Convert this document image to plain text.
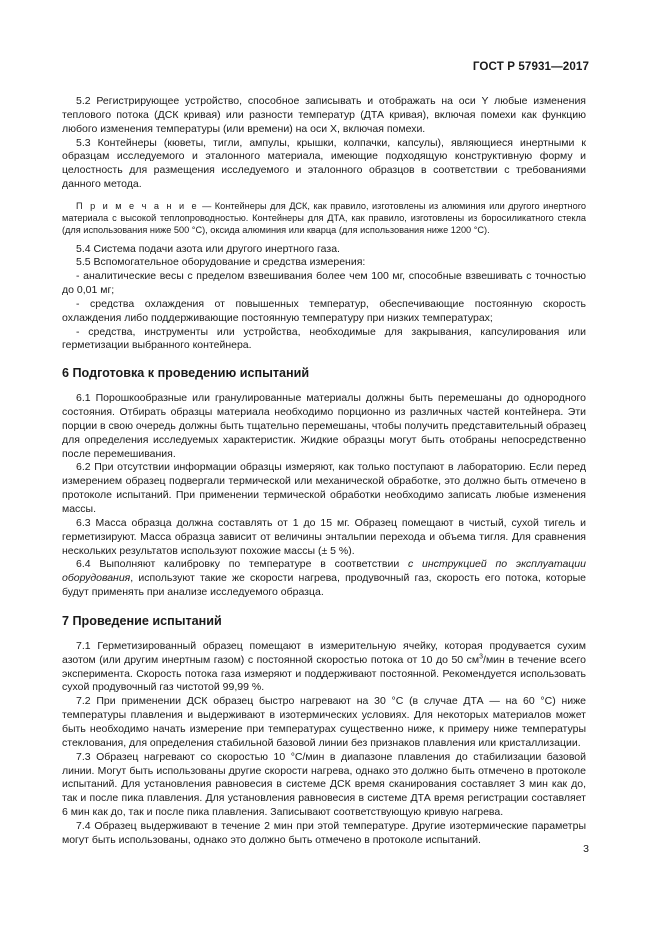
ГОСТ Р 57931—2017

5.2 Регистрирующее устройство, способное записывать и отображать на оси Y любые изменения теплового потока (ДСК кривая) или разности температур (ДТА кривая), включая помехи как функцию любого изменения температуры (или времени) на оси X, включая помехи.

5.3 Контейнеры (кюветы, тигли, ампулы, крышки, колпачки, капсулы), являющиеся инертными к образцам исследуемого и эталонного материала, имеющие подходящую конструктивную форму и целостность для размещения исследуемого и эталонного образцов в соответствии с требованиями данного метода.

П р и м е ч а н и е — Контейнеры для ДСК, как правило, изготовлены из алюминия или другого инертного материала с высокой теплопроводностью. Контейнеры для ДТА, как правило, изготовлены из боросиликатного стекла (для использования ниже 500 °С), оксида алюминия или кварца (для использования ниже 1200 °С).

5.4 Система подачи азота или другого инертного газа.

5.5 Вспомогательное оборудование и средства измерения:

- аналитические весы с пределом взвешивания более чем 100 мг, способные взвешивать с точностью до 0,01 мг;

- средства охлаждения от повышенных температур, обеспечивающие постоянную скорость охлаждения либо поддерживающие постоянную температуру при низких температурах;

- средства, инструменты или устройства, необходимые для закрывания, капсулирования или герметизации выбранного контейнера.

6 Подготовка к проведению испытаний

6.1 Порошкообразные или гранулированные материалы должны быть перемешаны до однородного состояния. Отбирать образцы материала необходимо порционно из различных частей контейнера. Эти порции в свою очередь должны быть тщательно перемешаны, чтобы получить представительный образец для определения исследуемых характеристик. Жидкие образцы могут быть отобраны непосредственно после перемешивания.

6.2 При отсутствии информации образцы измеряют, как только поступают в лабораторию. Если перед измерением образец подвергали термической или механической обработке, это должно быть отмечено в протоколе испытаний. При применении термической обработки необходимо записать любые изменения массы.

6.3 Масса образца должна составлять от 1 до 15 мг. Образец помещают в чистый, сухой тигель и герметизируют. Масса образца зависит от величины энтальпии перехода и объема тигля. Для сравнения нескольких результатов используют похожие массы (± 5 %).

6.4 Выполняют калибровку по температуре в соответствии с инструкцией по эксплуатации оборудования, используют такие же скорости нагрева, продувочный газ, скорость его потока, которые будут применять при анализе исследуемого образца.

7 Проведение испытаний

7.1 Герметизированный образец помещают в измерительную ячейку, которая продувается сухим азотом (или другим инертным газом) с постоянной скоростью потока от 10 до 50 $см^3$/мин в течение всего эксперимента. Скорость потока газа измеряют и поддерживают постоянной. Рекомендуется использовать сухой продувочный газ чистотой 99,99 %.

7.2 При применении ДСК образец быстро нагревают на 30 °С (в случае ДТА — на 60 °С) ниже температуры плавления и выдерживают в изотермических условиях. Для некоторых материалов может быть необходимо начать измерение при температурах существенно ниже, к примеру ниже температуры стеклования, для определения стабильной базовой линии без признаков плавления или кристаллизации.

7.3 Образец нагревают со скоростью 10 °С/мин в диапазоне плавления до стабилизации базовой линии. Могут быть использованы другие скорости нагрева, однако это должно быть отмечено в протоколе испытаний. Для установления равновесия в системе ДСК время сканирования составляет 3 мин как до, так и после пика плавления. Для установления равновесия в системе ДТА время регистрации составляет 6 мин как до, так и после пика плавления. Записывают соответствующую кривую нагрева.

7.4 Образец выдерживают в течение 2 мин при этой температуре. Другие изотермические параметры могут быть использованы, однако это должно быть отмечено в протоколе испытаний.

3
